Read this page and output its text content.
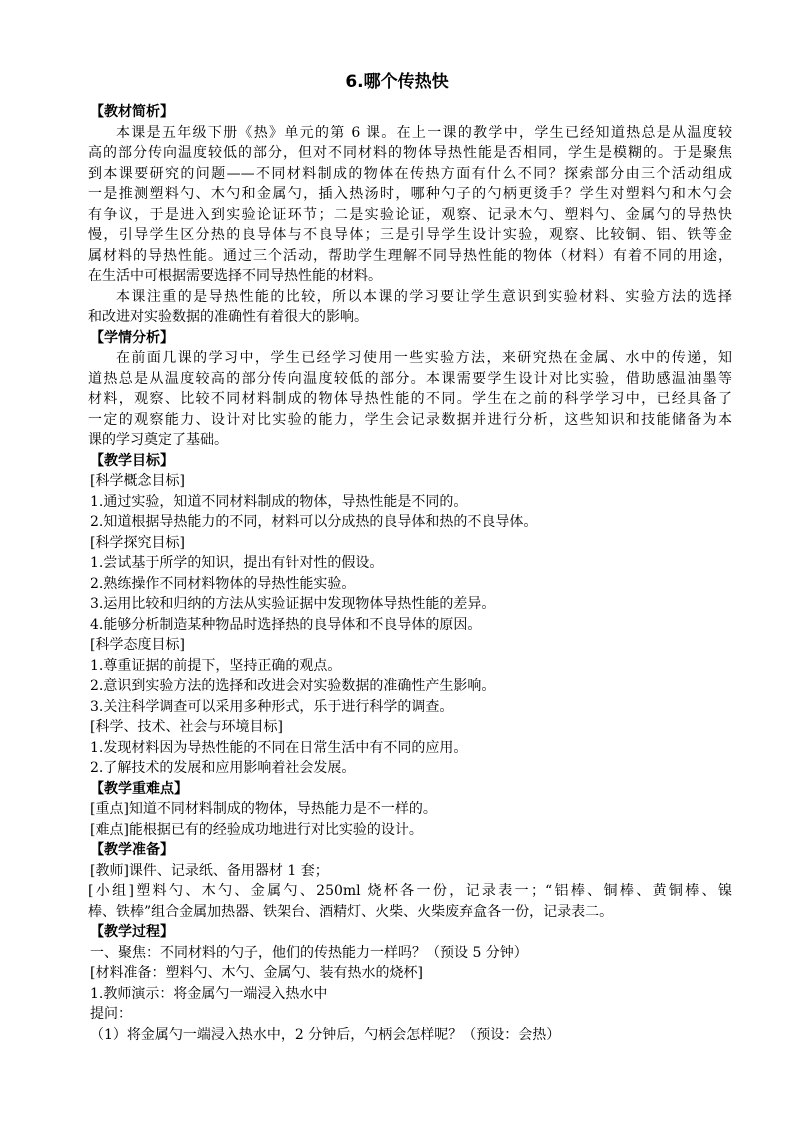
6.哪个传热快
【教材简析】
本课是五年级下册《热》单元的第 6 课。在上一课的教学中，学生已经知道热总是从温度较
高的部分传向温度较低的部分，但对不同材料的物体导热性能是否相同，学生是模糊的。于是聚焦
到本课要研究的问题——不同材料制成的物体在传热方面有什么不同？探索部分由三个活动组成
一是推测塑料勺、木勺和金属勺，插入热汤时，哪种勺子的勺柄更烫手？学生对塑料勺和木勺会
有争议，于是进入到实验论证环节；二是实验论证，观察、记录木勺、塑料勺、金属勺的导热快
慢，引导学生区分热的良导体与不良导体；三是引导学生设计实验，观察、比较铜、铝、铁等金
属材料的导热性能。通过三个活动，帮助学生理解不同导热性能的物体（材料）有着不同的用途，
在生活中可根据需要选择不同导热性能的材料。
本课注重的是导热性能的比较，所以本课的学习要让学生意识到实验材料、实验方法的选择
和改进对实验数据的准确性有着很大的影响。
【学情分析】
在前面几课的学习中，学生已经学习使用一些实验方法，来研究热在金属、水中的传递，知
道热总是从温度较高的部分传向温度较低的部分。本课需要学生设计对比实验，借助感温油墨等
材料，观察、比较不同材料制成的物体导热性能的不同。学生在之前的科学学习中，已经具备了
一定的观察能力、设计对比实验的能力，学生会记录数据并进行分析，这些知识和技能储备为本
课的学习奠定了基础。
【教学目标】
[科学概念目标]
1.通过实验，知道不同材料制成的物体，导热性能是不同的。
2.知道根据导热能力的不同，材料可以分成热的良导体和热的不良导体。
[科学探究目标]
1.尝试基于所学的知识，提出有针对性的假设。
2.熟练操作不同材料物体的导热性能实验。
3.运用比较和归纳的方法从实验证据中发现物体导热性能的差异。
4.能够分析制造某种物品时选择热的良导体和不良导体的原因。
[科学态度目标]
1.尊重证据的前提下，坚持正确的观点。
2.意识到实验方法的选择和改进会对实验数据的准确性产生影响。
3.关注科学调查可以采用多种形式，乐于进行科学的调查。
[科学、技术、社会与环境目标]
1.发现材料因为导热性能的不同在日常生活中有不同的应用。
2.了解技术的发展和应用影响着社会发展。
【教学重难点】
[重点]知道不同材料制成的物体，导热能力是不一样的。
[难点]能根据已有的经验成功地进行对比实验的设计。
【教学准备】
[教师]课件、记录纸、备用器材 1 套；
[小组]塑料勺、木勺、金属勺、250ml 烧杯各一份，记录表一；“铝棒、铜棒、黄铜棒、镍
棒、铁棒”组合金属加热器、铁架台、酒精灯、火柴、火柴废弃盒各一份，记录表二。
【教学过程】
一、聚焦：不同材料的勺子，他们的传热能力一样吗？（预设 5 分钟）
[材料准备：塑料勺、木勺、金属勺、装有热水的烧杯]
1.教师演示：将金属勺一端浸入热水中
提问：
（1）将金属勺一端浸入热水中，2 分钟后，勺柄会怎样呢？（预设：会热）
